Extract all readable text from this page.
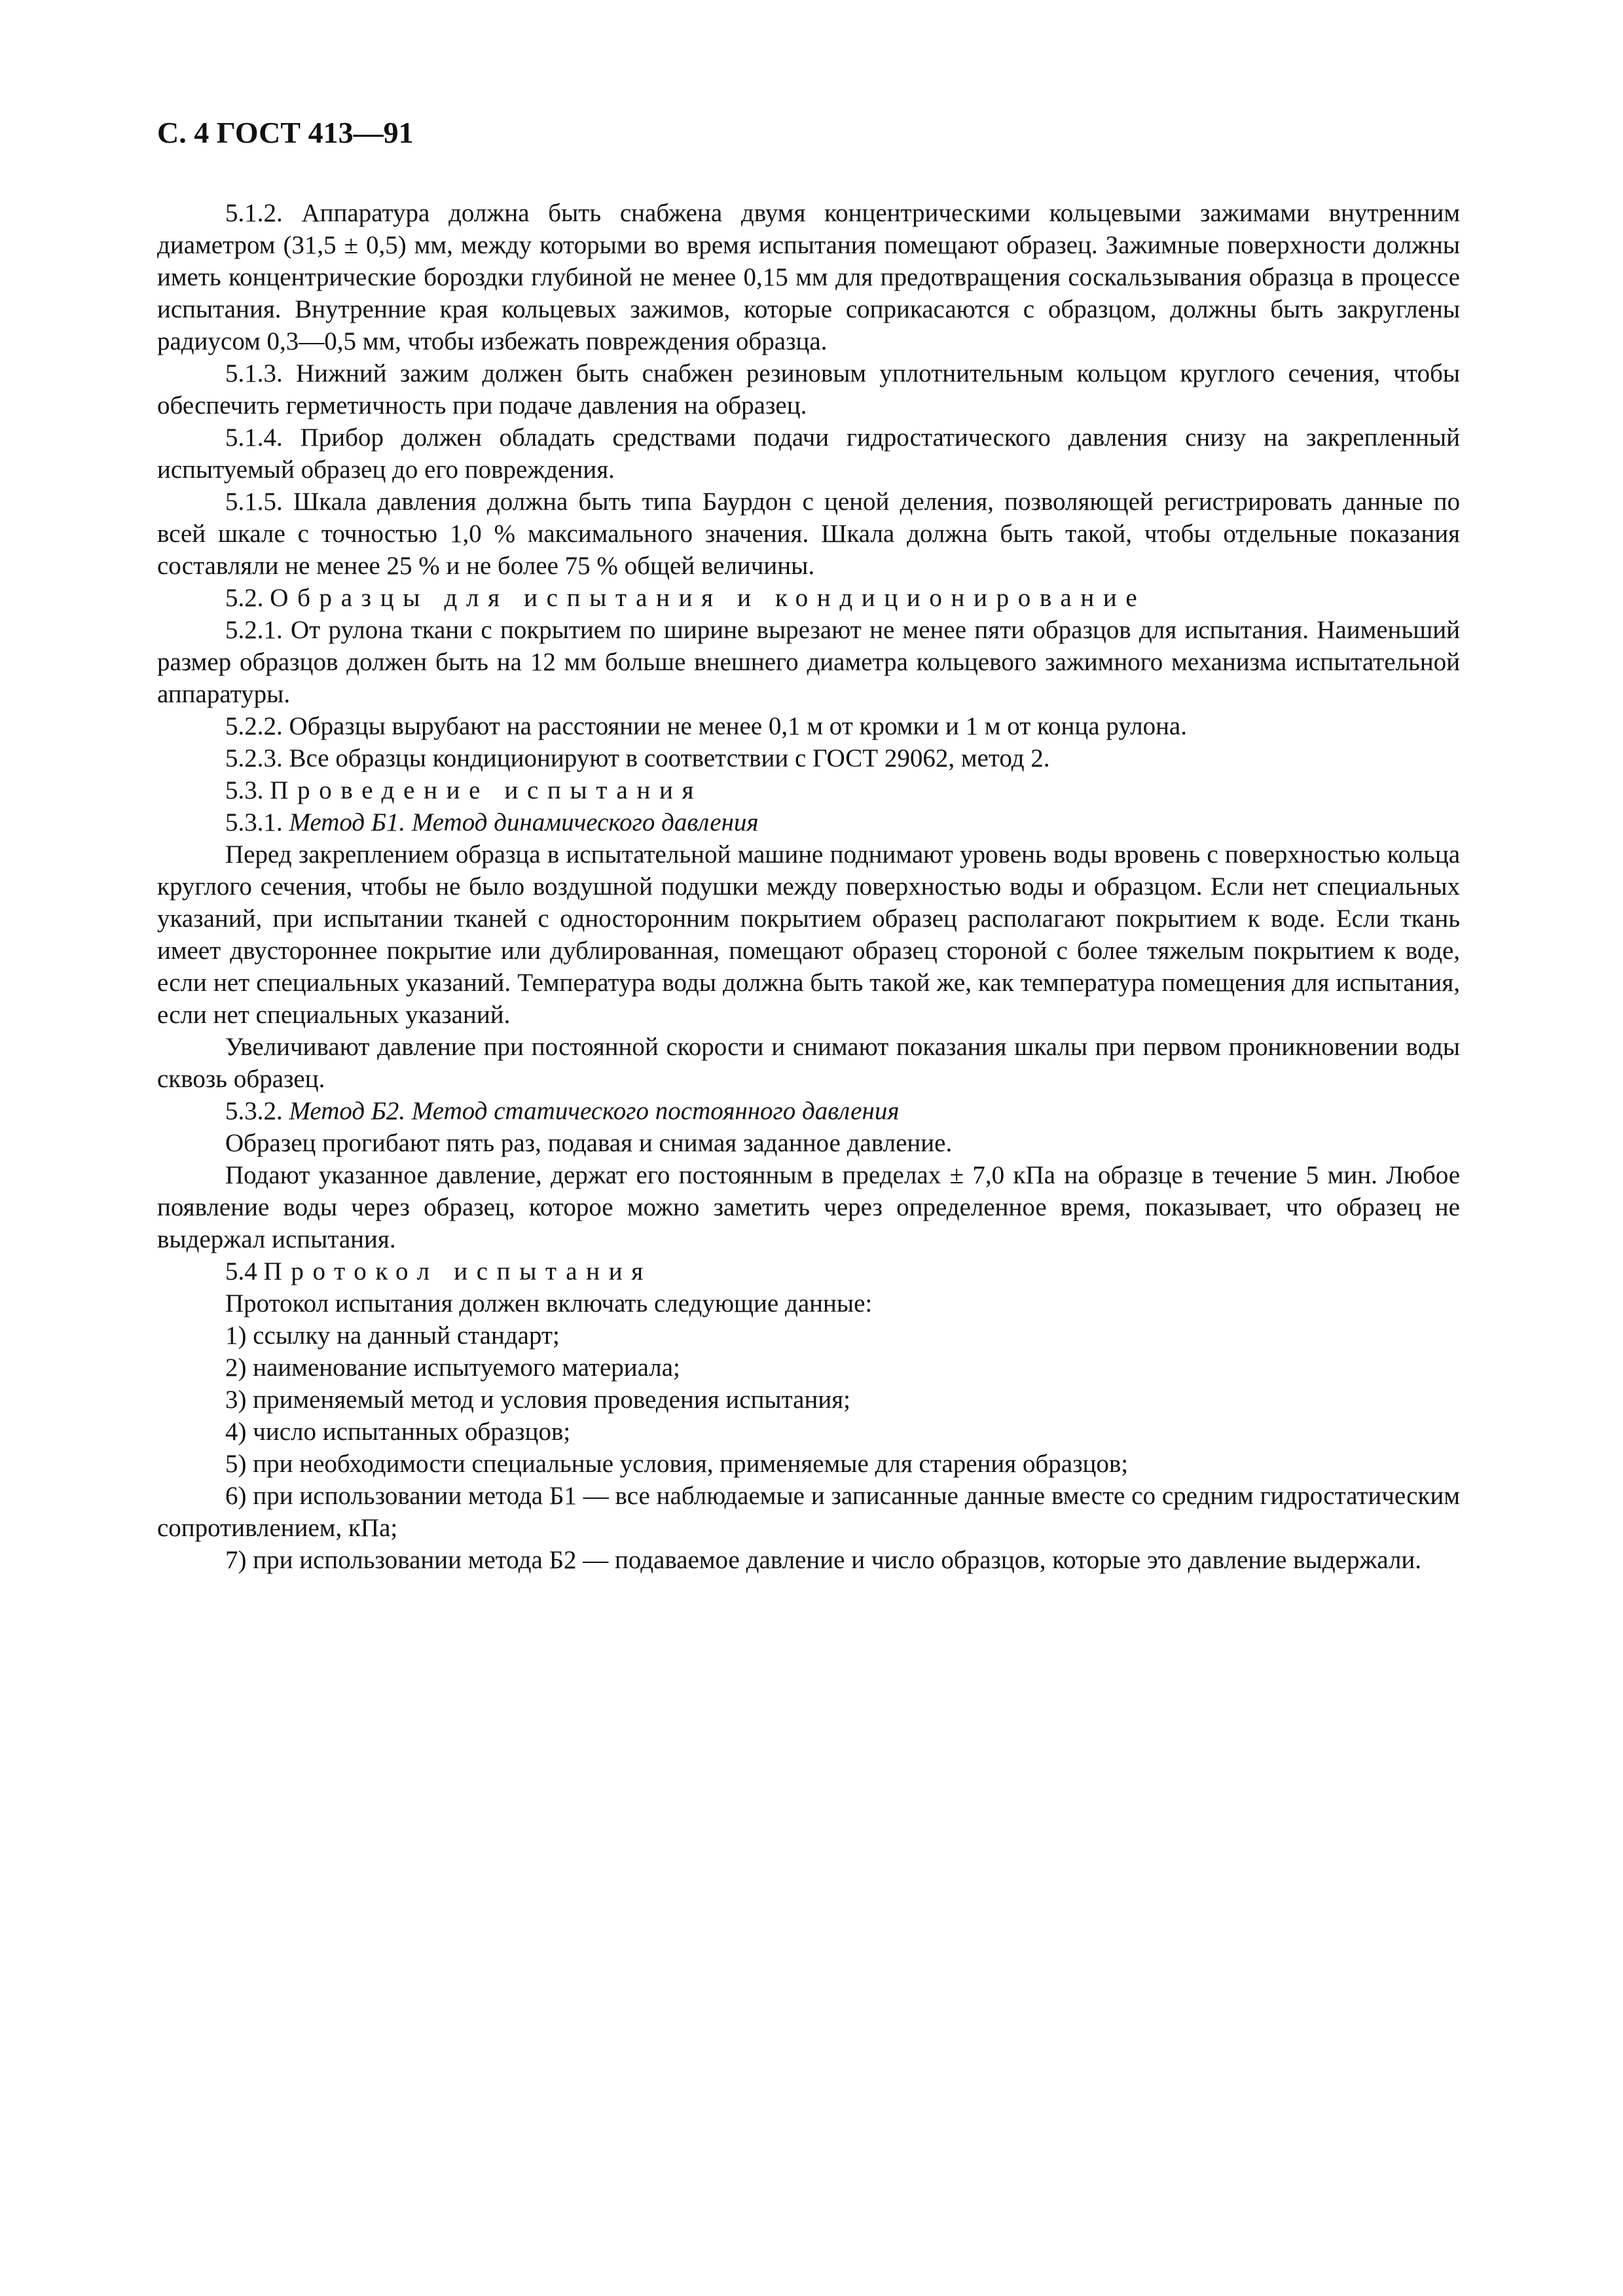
С. 4 ГОСТ 413—91

5.1.2. Аппаратура должна быть снабжена двумя концентрическими кольцевыми зажимами внутренним диаметром (31,5 ± 0,5) мм, между которыми во время испытания помещают образец. Зажимные поверхности должны иметь концентрические бороздки глубиной не менее 0,15 мм для предотвращения соскальзывания образца в процессе испытания. Внутренние края кольцевых зажимов, которые соприкасаются с образцом, должны быть закруглены радиусом 0,3—0,5 мм, чтобы избежать повреждения образца.

5.1.3. Нижний зажим должен быть снабжен резиновым уплотнительным кольцом круглого сечения, чтобы обеспечить герметичность при подаче давления на образец.

5.1.4. Прибор должен обладать средствами подачи гидростатического давления снизу на закрепленный испытуемый образец до его повреждения.

5.1.5. Шкала давления должна быть типа Баурдон с ценой деления, позволяющей регистрировать данные по всей шкале с точностью 1,0 % максимального значения. Шкала должна быть такой, чтобы отдельные показания составляли не менее 25 % и не более 75 % общей величины.

5.2. Образцы для испытания и кондиционирование

5.2.1. От рулона ткани с покрытием по ширине вырезают не менее пяти образцов для испытания. Наименьший размер образцов должен быть на 12 мм больше внешнего диаметра кольцевого зажимного механизма испытательной аппаратуры.

5.2.2. Образцы вырубают на расстоянии не менее 0,1 м от кромки и 1 м от конца рулона.

5.2.3. Все образцы кондиционируют в соответствии с ГОСТ 29062, метод 2.

5.3. Проведение испытания

5.3.1. Метод Б1. Метод динамического давления

Перед закреплением образца в испытательной машине поднимают уровень воды вровень с поверхностью кольца круглого сечения, чтобы не было воздушной подушки между поверхностью воды и образцом. Если нет специальных указаний, при испытании тканей с односторонним покрытием образец располагают покрытием к воде. Если ткань имеет двустороннее покрытие или дублированная, помещают образец стороной с более тяжелым покрытием к воде, если нет специальных указаний. Температура воды должна быть такой же, как температура помещения для испытания, если нет специальных указаний.

Увеличивают давление при постоянной скорости и снимают показания шкалы при первом проникновении воды сквозь образец.

5.3.2. Метод Б2. Метод статического постоянного давления

Образец прогибают пять раз, подавая и снимая заданное давление.

Подают указанное давление, держат его постоянным в пределах ± 7,0 кПа на образце в течение 5 мин. Любое появление воды через образец, которое можно заметить через определенное время, показывает, что образец не выдержал испытания.

5.4 Протокол испытания

Протокол испытания должен включать следующие данные:

1) ссылку на данный стандарт;

2) наименование испытуемого материала;

3) применяемый метод и условия проведения испытания;

4) число испытанных образцов;

5) при необходимости специальные условия, применяемые для старения образцов;

6) при использовании метода Б1 — все наблюдаемые и записанные данные вместе со средним гидростатическим сопротивлением, кПа;

7) при использовании метода Б2 — подаваемое давление и число образцов, которые это давление выдержали.
